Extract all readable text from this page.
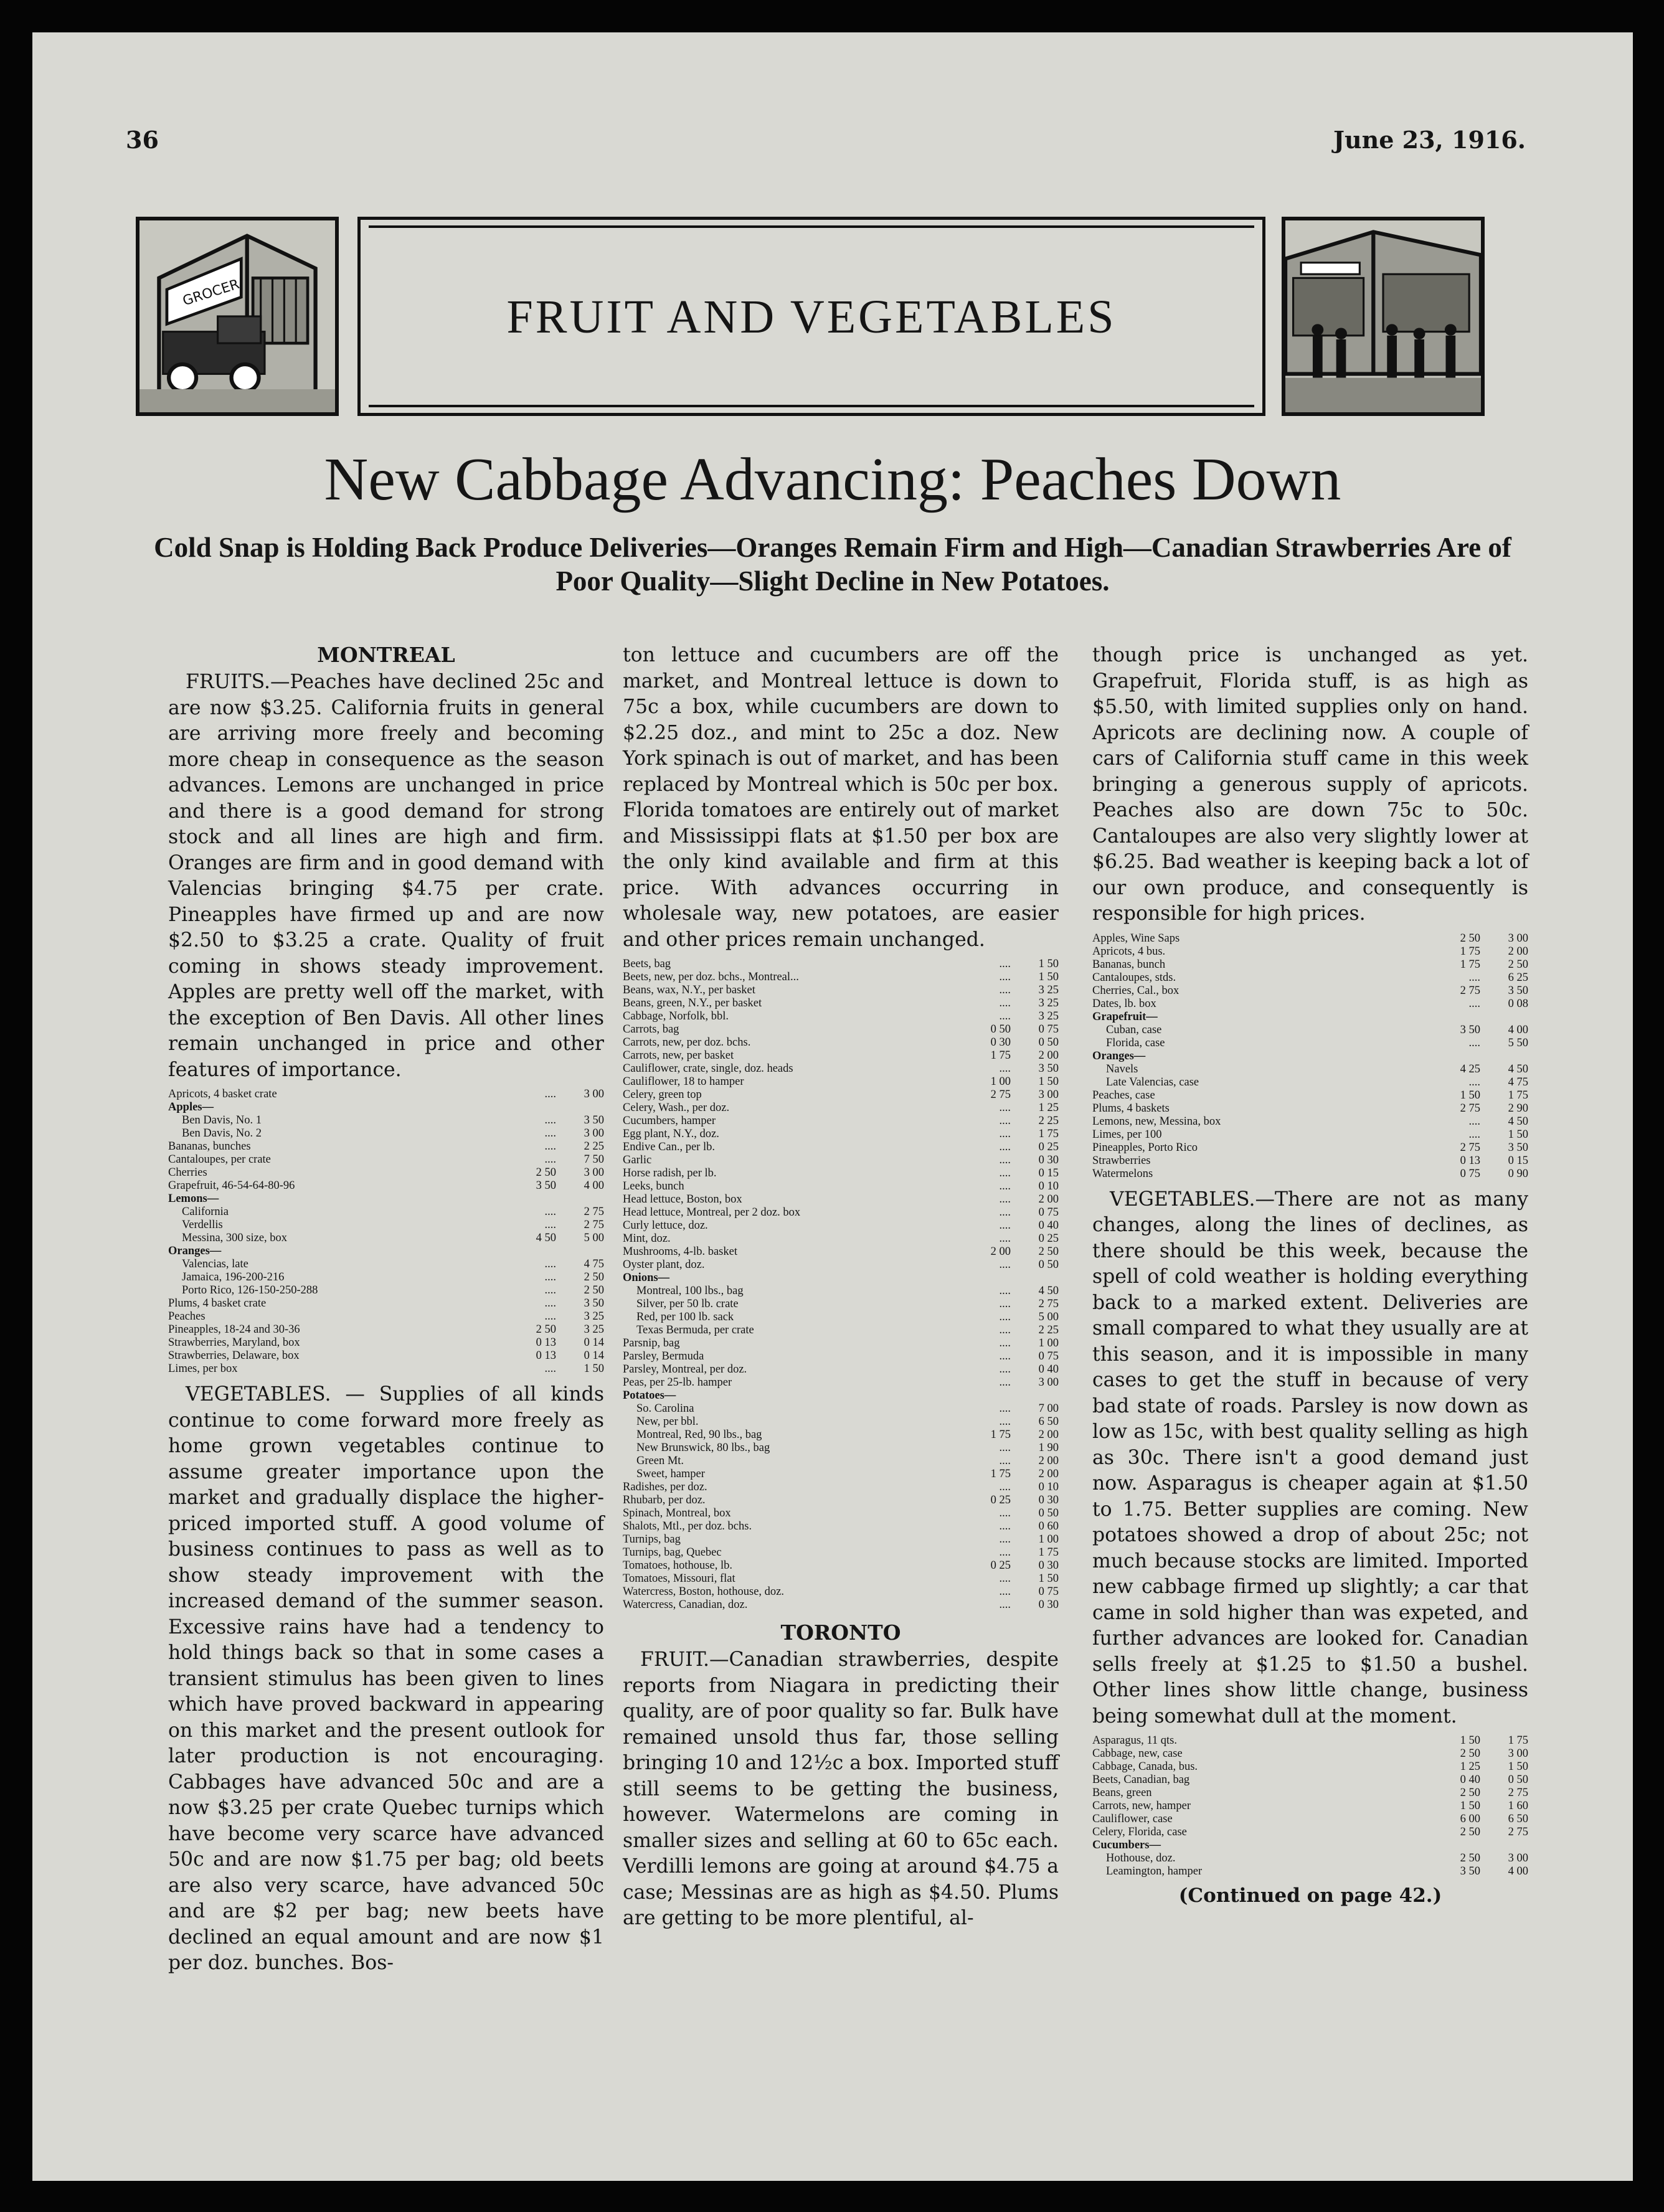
36	June 23, 1916.
GROCER	FRUIT AND VEGETABLES
New Cabbage Advancing: Peaches Down
Cold Snap is Holding Back Produce Deliveries—Oranges Remain Firm and High—Canadian Strawberries Are of Poor Quality—Slight Decline in New Potatoes.
MONTREAL

FRUITS.—Peaches have declined 25c and are now $3.25. California fruits in general are arriving more freely and becoming more cheap in consequence as the season advances. Lemons are unchanged in price and there is a good demand for strong stock and all lines are high and firm. Oranges are firm and in good demand with Valencias bringing $4.75 per crate. Pineapples have firmed up and are now $2.50 to $3.25 a crate. Quality of fruit coming in shows steady improvement. Apples are pretty well off the market, with the exception of Ben Davis. All other lines remain unchanged in price and other features of importance.

Apricots, 4 basket crate	....	3 00
Apples—		
Ben Davis, No. 1	....	3 50
Ben Davis, No. 2	....	3 00
Bananas, bunches	....	2 25
Cantaloupes, per crate	....	7 50
Cherries	2 50	3 00
Grapefruit, 46-54-64-80-96	3 50	4 00
Lemons—		
California	....	2 75
Verdellis	....	2 75
Messina, 300 size, box	4 50	5 00
Oranges—		
Valencias, late	....	4 75
Jamaica, 196-200-216	....	2 50
Porto Rico, 126-150-250-288	....	2 50
Plums, 4 basket crate	....	3 50
Peaches	....	3 25
Pineapples, 18-24 and 30-36	2 50	3 25
Strawberries, Maryland, box	0 13	0 14
Strawberries, Delaware, box	0 13	0 14
Limes, per box	....	1 50

VEGETABLES. — Supplies of all kinds continue to come forward more freely as home grown vegetables continue to assume greater importance upon the market and gradually displace the higher-priced imported stuff. A good volume of business continues to pass as well as to show steady improvement with the increased demand of the summer season. Excessive rains have had a tendency to hold things back so that in some cases a transient stimulus has been given to lines which have proved backward in appearing on this market and the present outlook for later production is not encouraging. Cabbages have advanced 50c and are a now $3.25 per crate Quebec turnips which have become very scarce have advanced 50c and are now $1.75 per bag; old beets are also very scarce, have advanced 50c and are $2 per bag; new beets have declined an equal amount and are now $1 per doz. bunches. Bos-

ton lettuce and cucumbers are off the market, and Montreal lettuce is down to 75c a box, while cucumbers are down to $2.25 doz., and mint to 25c a doz. New York spinach is out of market, and has been replaced by Montreal which is 50c per box. Florida tomatoes are entirely out of market and Mississippi flats at $1.50 per box are the only kind available and firm at this price. With advances occurring in wholesale way, new potatoes, are easier and other prices remain unchanged.

Beets, bag	....	1 50
Beets, new, per doz. bchs., Montreal...	....	1 50
Beans, wax, N.Y., per basket	....	3 25
Beans, green, N.Y., per basket	....	3 25
Cabbage, Norfolk, bbl.	....	3 25
Carrots, bag	0 50	0 75
Carrots, new, per doz. bchs.	0 30	0 50
Carrots, new, per basket	1 75	2 00
Cauliflower, crate, single, doz. heads	....	3 50
Cauliflower, 18 to hamper	1 00	1 50
Celery, green top	2 75	3 00
Celery, Wash., per doz.	....	1 25
Cucumbers, hamper	....	2 25
Egg plant, N.Y., doz.	....	1 75
Endive Can., per lb.	....	0 25
Garlic	....	0 30
Horse radish, per lb.	....	0 15
Leeks, bunch	....	0 10
Head lettuce, Boston, box	....	2 00
Head lettuce, Montreal, per 2 doz. box	....	0 75
Curly lettuce, doz.	....	0 40
Mint, doz.	....	0 25
Mushrooms, 4-lb. basket	2 00	2 50
Oyster plant, doz.	....	0 50
Onions—		
Montreal, 100 lbs., bag	....	4 50
Silver, per 50 lb. crate	....	2 75
Red, per 100 lb. sack	....	5 00
Texas Bermuda, per crate	....	2 25
Parsnip, bag	....	1 00
Parsley, Bermuda	....	0 75
Parsley, Montreal, per doz.	....	0 40
Peas, per 25-lb. hamper	....	3 00
Potatoes—		
So. Carolina	....	7 00
New, per bbl.	....	6 50
Montreal, Red, 90 lbs., bag	1 75	2 00
New Brunswick, 80 lbs., bag	....	1 90
Green Mt.	....	2 00
Sweet, hamper	1 75	2 00
Radishes, per doz.	....	0 10
Rhubarb, per doz.	0 25	0 30
Spinach, Montreal, box	....	0 50
Shalots, Mtl., per doz. bchs.	....	0 60
Turnips, bag	....	1 00
Turnips, bag, Quebec	....	1 75
Tomatoes, hothouse, lb.	0 25	0 30
Tomatoes, Missouri, flat	....	1 50
Watercress, Boston, hothouse, doz.	....	0 75
Watercress, Canadian, doz.	....	0 30
TORONTO

FRUIT.—Canadian strawberries, despite reports from Niagara in predicting their quality, are of poor quality so far. Bulk have remained unsold thus far, those selling bringing 10 and 12½c a box. Imported stuff still seems to be getting the business, however. Watermelons are coming in smaller sizes and selling at 60 to 65c each. Verdilli lemons are going at around $4.75 a case; Messinas are as high as $4.50. Plums are getting to be more plentiful, al-

though price is unchanged as yet. Grapefruit, Florida stuff, is as high as $5.50, with limited supplies only on hand. Apricots are declining now. A couple of cars of California stuff came in this week bringing a generous supply of apricots. Peaches also are down 75c to 50c. Cantaloupes are also very slightly lower at $6.25. Bad weather is keeping back a lot of our own produce, and consequently is responsible for high prices.

Apples, Wine Saps	2 50	3 00
Apricots, 4 bus.	1 75	2 00
Bananas, bunch	1 75	2 50
Cantaloupes, stds.	....	6 25
Cherries, Cal., box	2 75	3 50
Dates, lb. box	....	0 08
Grapefruit—		
Cuban, case	3 50	4 00
Florida, case	....	5 50
Oranges—		
Navels	4 25	4 50
Late Valencias, case	....	4 75
Peaches, case	1 50	1 75
Plums, 4 baskets	2 75	2 90
Lemons, new, Messina, box	....	4 50
Limes, per 100	....	1 50
Pineapples, Porto Rico	2 75	3 50
Strawberries	0 13	0 15
Watermelons	0 75	0 90

VEGETABLES.—There are not as many changes, along the lines of declines, as there should be this week, because the spell of cold weather is holding everything back to a marked extent. Deliveries are small compared to what they usually are at this season, and it is impossible in many cases to get the stuff in because of very bad state of roads. Parsley is now down as low as 15c, with best quality selling as high as 30c. There isn't a good demand just now. Asparagus is cheaper again at $1.50 to 1.75. Better supplies are coming. New potatoes showed a drop of about 25c; not much because stocks are limited. Imported new cabbage firmed up slightly; a car that came in sold higher than was expeted, and further advances are looked for. Canadian sells freely at $1.25 to $1.50 a bushel. Other lines show little change, business being somewhat dull at the moment.

Asparagus, 11 qts.	1 50	1 75
Cabbage, new, case	2 50	3 00
Cabbage, Canada, bus.	1 25	1 50
Beets, Canadian, bag	0 40	0 50
Beans, green	2 50	2 75
Carrots, new, hamper	1 50	1 60
Cauliflower, case	6 00	6 50
Celery, Florida, case	2 50	2 75
Cucumbers—		
Hothouse, doz.	2 50	3 00
Leamington, hamper	3 50	4 00
(Continued on page 42.)
